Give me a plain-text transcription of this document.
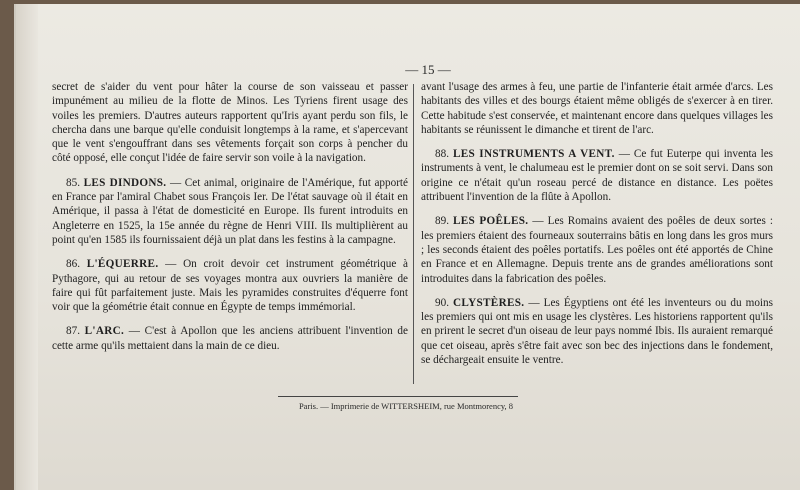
— 15 —

secret de s'aider du vent pour hâter la course de son vaisseau et passer impunément au milieu de la flotte de Minos. Les Tyriens firent usage des voiles les premiers. D'autres auteurs rapportent qu'Iris ayant perdu son fils, le chercha dans une barque qu'elle conduisit longtemps à la rame, et s'apercevant que le vent s'engouffrant dans ses vêtements forçait son corps à pencher du côté opposé, elle conçut l'idée de faire servir son voile à la navigation.

85. LES DINDONS. — Cet animal, originaire de l'Amérique, fut apporté en France par l'amiral Chabet sous François Ier. De l'état sauvage où il était en Amérique, il passa à l'état de domesticité en Europe. Ils furent introduits en Angleterre en 1525, la 15e année du règne de Henri VIII. Ils multiplièrent au point qu'en 1585 ils fournissaient déjà un plat dans les festins à la campagne.

86. L'ÉQUERRE. — On croit devoir cet instrument géométrique à Pythagore, qui au retour de ses voyages montra aux ouvriers la manière de faire qui fût parfaitement juste. Mais les pyramides construites d'équerre font voir que la géométrie était connue en Égypte de temps immémorial.

87. L'ARC. — C'est à Apollon que les anciens attribuent l'invention de cette arme qu'ils mettaient dans la main de ce dieu.

avant l'usage des armes à feu, une partie de l'infanterie était armée d'arcs. Les habitants des villes et des bourgs étaient même obligés de s'exercer à en tirer. Cette habitude s'est conservée, et maintenant encore dans quelques villages les habitants se réunissent le dimanche et tirent de l'arc.

88. LES INSTRUMENTS A VENT. — Ce fut Euterpe qui inventa les instruments à vent, le chalumeau est le premier dont on se soit servi. Dans son origine ce n'était qu'un roseau percé de distance en distance. Les poëtes attribuent l'invention de la flûte à Apollon.

89. LES POÊLES. — Les Romains avaient des poêles de deux sortes : les premiers étaient des fourneaux souterrains bâtis en long dans les gros murs ; les seconds étaient des poêles portatifs. Les poêles ont été apportés de Chine en France et en Allemagne. Depuis trente ans de grandes améliorations sont introduites dans la fabrication des poêles.

90. CLYSTÈRES. — Les Égyptiens ont été les inventeurs ou du moins les premiers qui ont mis en usage les clystères. Les historiens rapportent qu'ils en prirent le secret d'un oiseau de leur pays nommé Ibis. Ils auraient remarqué que cet oiseau, après s'être fait avec son bec des injections dans le fondement, se déchargeait ensuite le ventre.

Paris. — Imprimerie de WITTERSHEIM, rue Montmorency, 8
